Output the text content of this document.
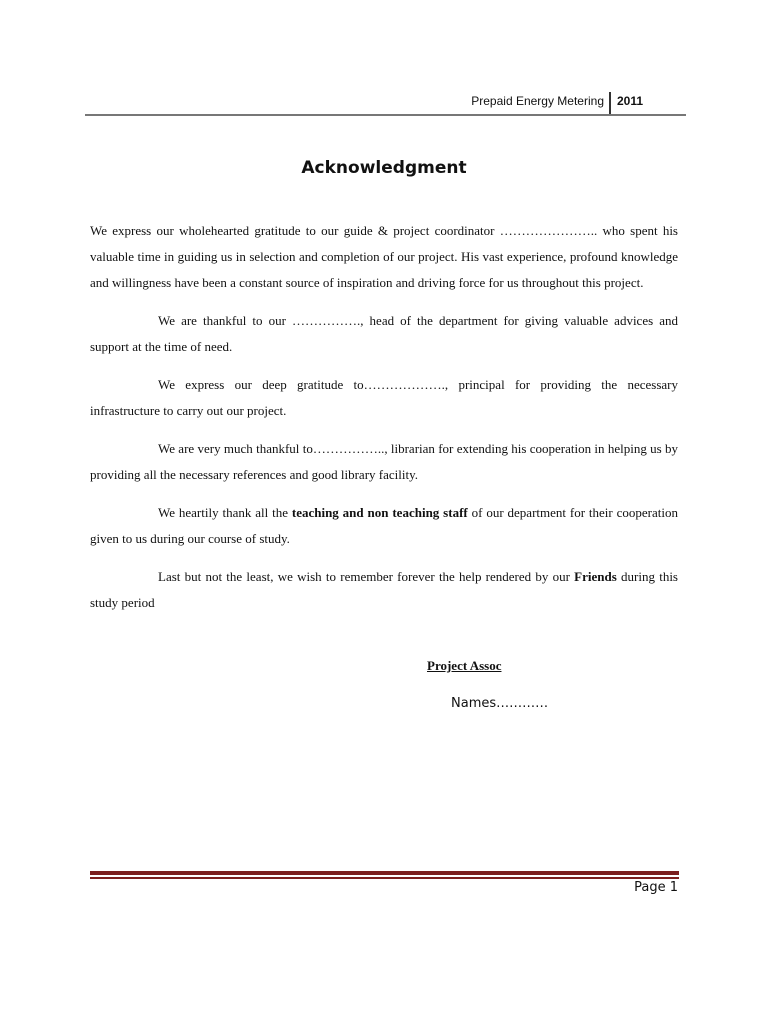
Prepaid Energy Metering 2011
Acknowledgment

We express our wholehearted gratitude to our guide & project coordinator ………………….. who spent his valuable time in guiding us in selection and completion of our project. His vast experience, profound knowledge and willingness have been a constant source of inspiration and driving force for us throughout this project.

We are thankful to our ……………., head of the department for giving valuable advices and support at the time of need.

We express our deep gratitude to………………., principal for providing the necessary infrastructure to carry out our project.

We are very much thankful to…………….., librarian for extending his cooperation in helping us by providing all the necessary references and good library facility.

We heartily thank all the teaching and non teaching staff of our department for their cooperation given to us during our course of study.

Last but not the least, we wish to remember forever the help rendered by our Friends during this study period

Project Assoc
Names…………
Page 1
